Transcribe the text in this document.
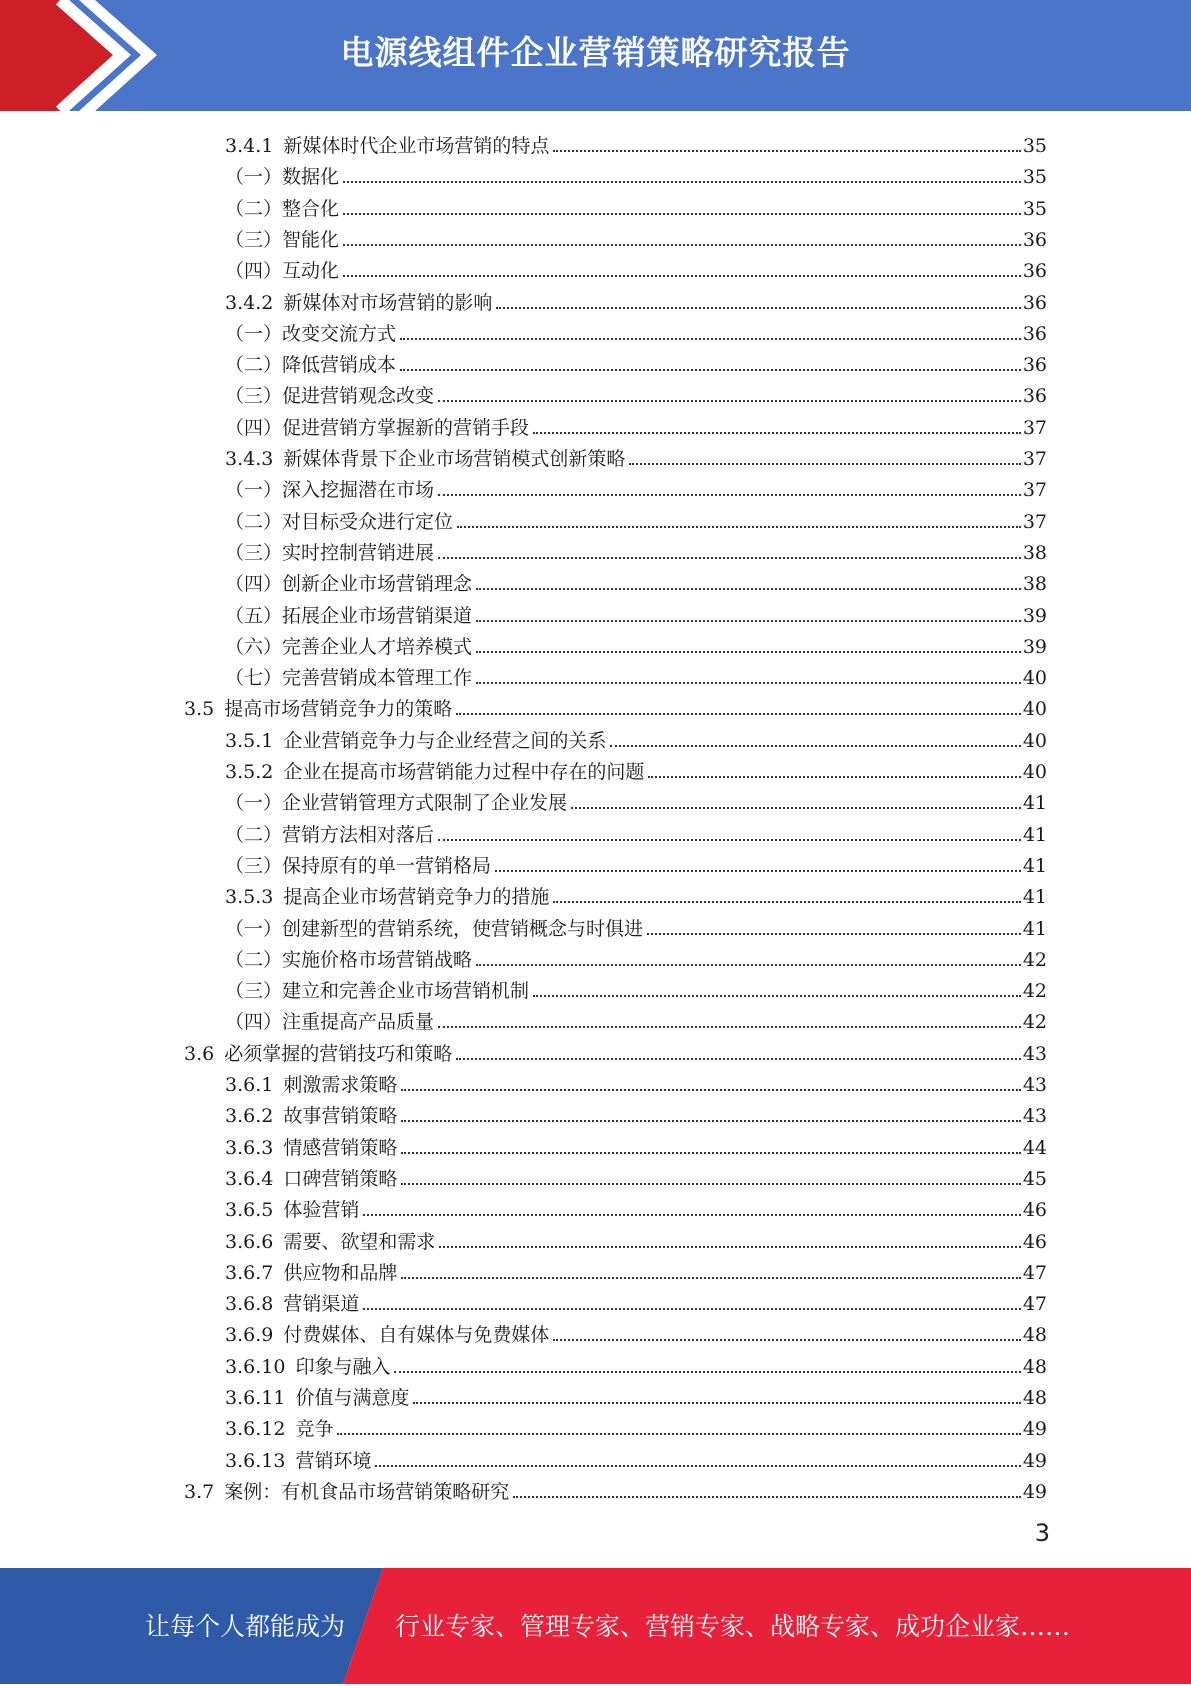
电源线组件企业营销策略研究报告
3.4.1 新媒体时代企业市场营销的特点	35
（一）数据化	35
（二）整合化	35
（三）智能化	36
（四）互动化	36
3.4.2 新媒体对市场营销的影响	36
（一）改变交流方式	36
（二）降低营销成本	36
（三）促进营销观念改变	36
（四）促进营销方掌握新的营销手段	37
3.4.3 新媒体背景下企业市场营销模式创新策略	37
（一）深入挖掘潜在市场	37
（二）对目标受众进行定位	37
（三）实时控制营销进展	38
（四）创新企业市场营销理念	38
（五）拓展企业市场营销渠道	39
（六）完善企业人才培养模式	39
（七）完善营销成本管理工作	40
3.5 提高市场营销竞争力的策略	40
3.5.1 企业营销竞争力与企业经营之间的关系	40
3.5.2 企业在提高市场营销能力过程中存在的问题	40
（一）企业营销管理方式限制了企业发展	41
（二）营销方法相对落后	41
（三）保持原有的单一营销格局	41
3.5.3 提高企业市场营销竞争力的措施	41
（一）创建新型的营销系统，使营销概念与时俱进	41
（二）实施价格市场营销战略	42
（三）建立和完善企业市场营销机制	42
（四）注重提高产品质量	42
3.6 必须掌握的营销技巧和策略	43
3.6.1 刺激需求策略	43
3.6.2 故事营销策略	43
3.6.3 情感营销策略	44
3.6.4 口碑营销策略	45
3.6.5 体验营销	46
3.6.6 需要、欲望和需求	46
3.6.7 供应物和品牌	47
3.6.8 营销渠道	47
3.6.9 付费媒体、自有媒体与免费媒体	48
3.6.10 印象与融入	48
3.6.11 价值与满意度	48
3.6.12 竞争	49
3.6.13 营销环境	49
3.7 案例：有机食品市场营销策略研究	49
3
让每个人都能成为	行业专家、管理专家、营销专家、战略专家、成功企业家……
